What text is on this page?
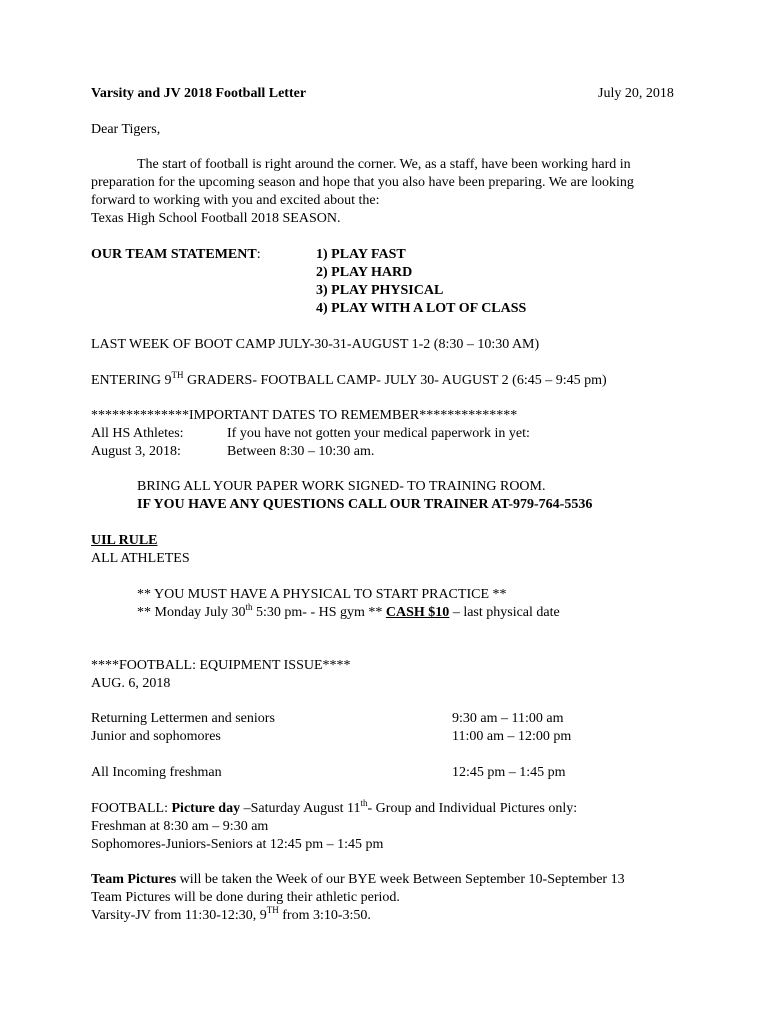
Varsity and JV 2018 Football Letter	July 20, 2018
Dear Tigers,
The start of football is right around the corner. We, as a staff, have been working hard in
preparation for the upcoming season and hope that you also have been preparing. We are looking
forward to working with you and excited about the:
Texas High School Football 2018 SEASON.
OUR TEAM STATEMENT:	1) PLAY FAST
2) PLAY HARD
3) PLAY PHYSICAL
4) PLAY WITH A LOT OF CLASS
LAST WEEK OF BOOT CAMP JULY-30-31-AUGUST 1-2 (8:30 – 10:30 AM)
ENTERING 9TH GRADERS- FOOTBALL CAMP- JULY 30- AUGUST 2 (6:45 – 9:45 pm)
**************IMPORTANT DATES TO REMEMBER**************
All HS Athletes:	If you have not gotten your medical paperwork in yet:
August 3, 2018:	Between 8:30 – 10:30 am.
BRING ALL YOUR PAPER WORK SIGNED- TO TRAINING ROOM.
IF YOU HAVE ANY QUESTIONS CALL OUR TRAINER AT-979-764-5536
UIL RULE
ALL ATHLETES
** YOU MUST HAVE A PHYSICAL TO START PRACTICE **
** Monday July 30th 5:30 pm- - HS gym ** CASH $10 – last physical date
****FOOTBALL: EQUIPMENT ISSUE****
AUG. 6, 2018
Returning Lettermen and seniors	9:30 am – 11:00 am
Junior and sophomores	11:00 am – 12:00 pm
All Incoming freshman	12:45 pm – 1:45 pm
FOOTBALL: Picture day –Saturday August 11th- Group and Individual Pictures only:
Freshman at 8:30 am – 9:30 am
Sophomores-Juniors-Seniors at 12:45 pm – 1:45 pm
Team Pictures will be taken the Week of our BYE week Between September 10-September 13
Team Pictures will be done during their athletic period.
Varsity-JV from 11:30-12:30, 9TH from 3:10-3:50.
